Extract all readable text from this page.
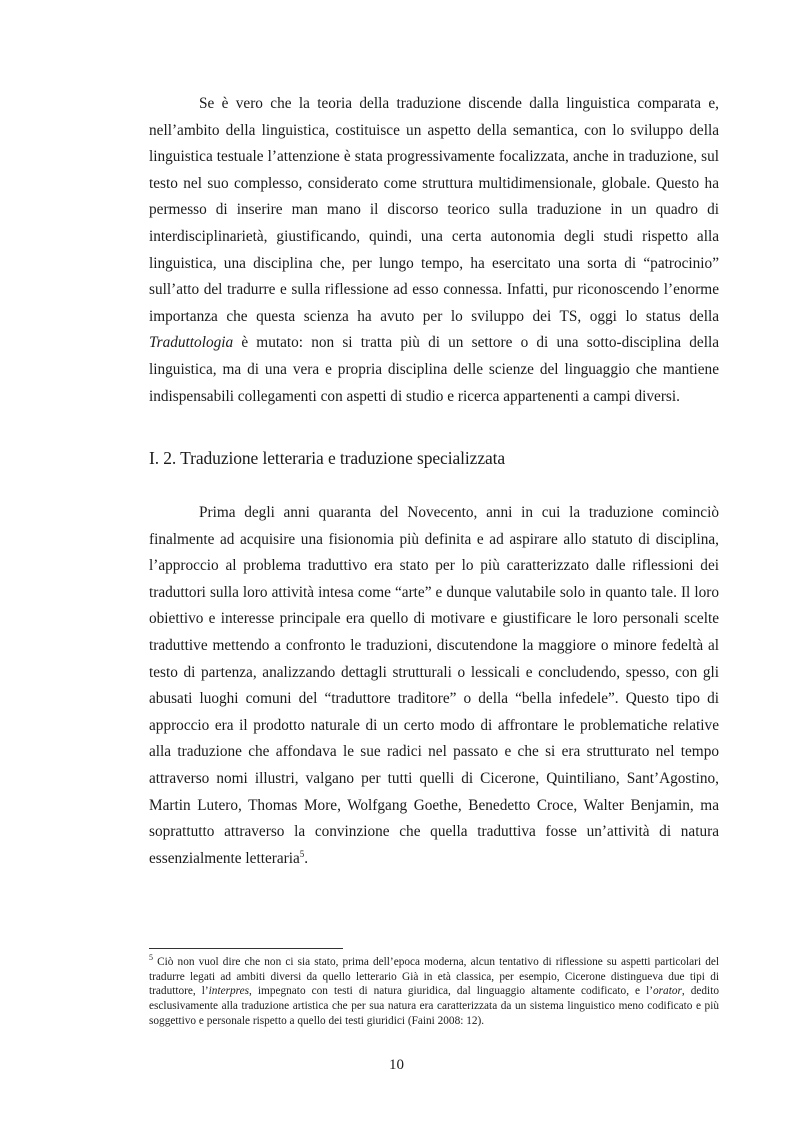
Se è vero che la teoria della traduzione discende dalla linguistica comparata e, nell’ambito della linguistica, costituisce un aspetto della semantica, con lo sviluppo della linguistica testuale l’attenzione è stata progressivamente focalizzata, anche in traduzione, sul testo nel suo complesso, considerato come struttura multidimensionale, globale. Questo ha permesso di inserire man mano il discorso teorico sulla traduzione in un quadro di interdisciplinarietà, giustificando, quindi, una certa autonomia degli studi rispetto alla linguistica, una disciplina che, per lungo tempo, ha esercitato una sorta di “patrocinio” sull’atto del tradurre e sulla riflessione ad esso connessa. Infatti, pur riconoscendo l’enorme importanza che questa scienza ha avuto per lo sviluppo dei TS, oggi lo status della Traduttologia è mutato: non si tratta più di un settore o di una sotto-disciplina della linguistica, ma di una vera e propria disciplina delle scienze del linguaggio che mantiene indispensabili collegamenti con aspetti di studio e ricerca appartenenti a campi diversi.

I. 2. Traduzione letteraria e traduzione specializzata

Prima degli anni quaranta del Novecento, anni in cui la traduzione cominciò finalmente ad acquisire una fisionomia più definita e ad aspirare allo statuto di disciplina, l’approccio al problema traduttivo era stato per lo più caratterizzato dalle riflessioni dei traduttori sulla loro attività intesa come “arte” e dunque valutabile solo in quanto tale. Il loro obiettivo e interesse principale era quello di motivare e giustificare le loro personali scelte traduttive mettendo a confronto le traduzioni, discutendone la maggiore o minore fedeltà al testo di partenza, analizzando dettagli strutturali o lessicali e concludendo, spesso, con gli abusati luoghi comuni del “traduttore traditore” o della “bella infedele”. Questo tipo di approccio era il prodotto naturale di un certo modo di affrontare le problematiche relative alla traduzione che affondava le sue radici nel passato e che si era strutturato nel tempo attraverso nomi illustri, valgano per tutti quelli di Cicerone, Quintiliano, Sant’Agostino, Martin Lutero, Thomas More, Wolfgang Goethe, Benedetto Croce, Walter Benjamin, ma soprattutto attraverso la convinzione che quella traduttiva fosse un’attività di natura essenzialmente letteraria$^5$.

$^5$ Ciò non vuol dire che non ci sia stato, prima dell’epoca moderna, alcun tentativo di riflessione su aspetti particolari del tradurre legati ad ambiti diversi da quello letterario Già in età classica, per esempio, Cicerone distingueva due tipi di traduttore, l’interpres, impegnato con testi di natura giuridica, dal linguaggio altamente codificato, e l’orator, dedito esclusivamente alla traduzione artistica che per sua natura era caratterizzata da un sistema linguistico meno codificato e più soggettivo e personale rispetto a quello dei testi giuridici (Faini 2008: 12).

10
